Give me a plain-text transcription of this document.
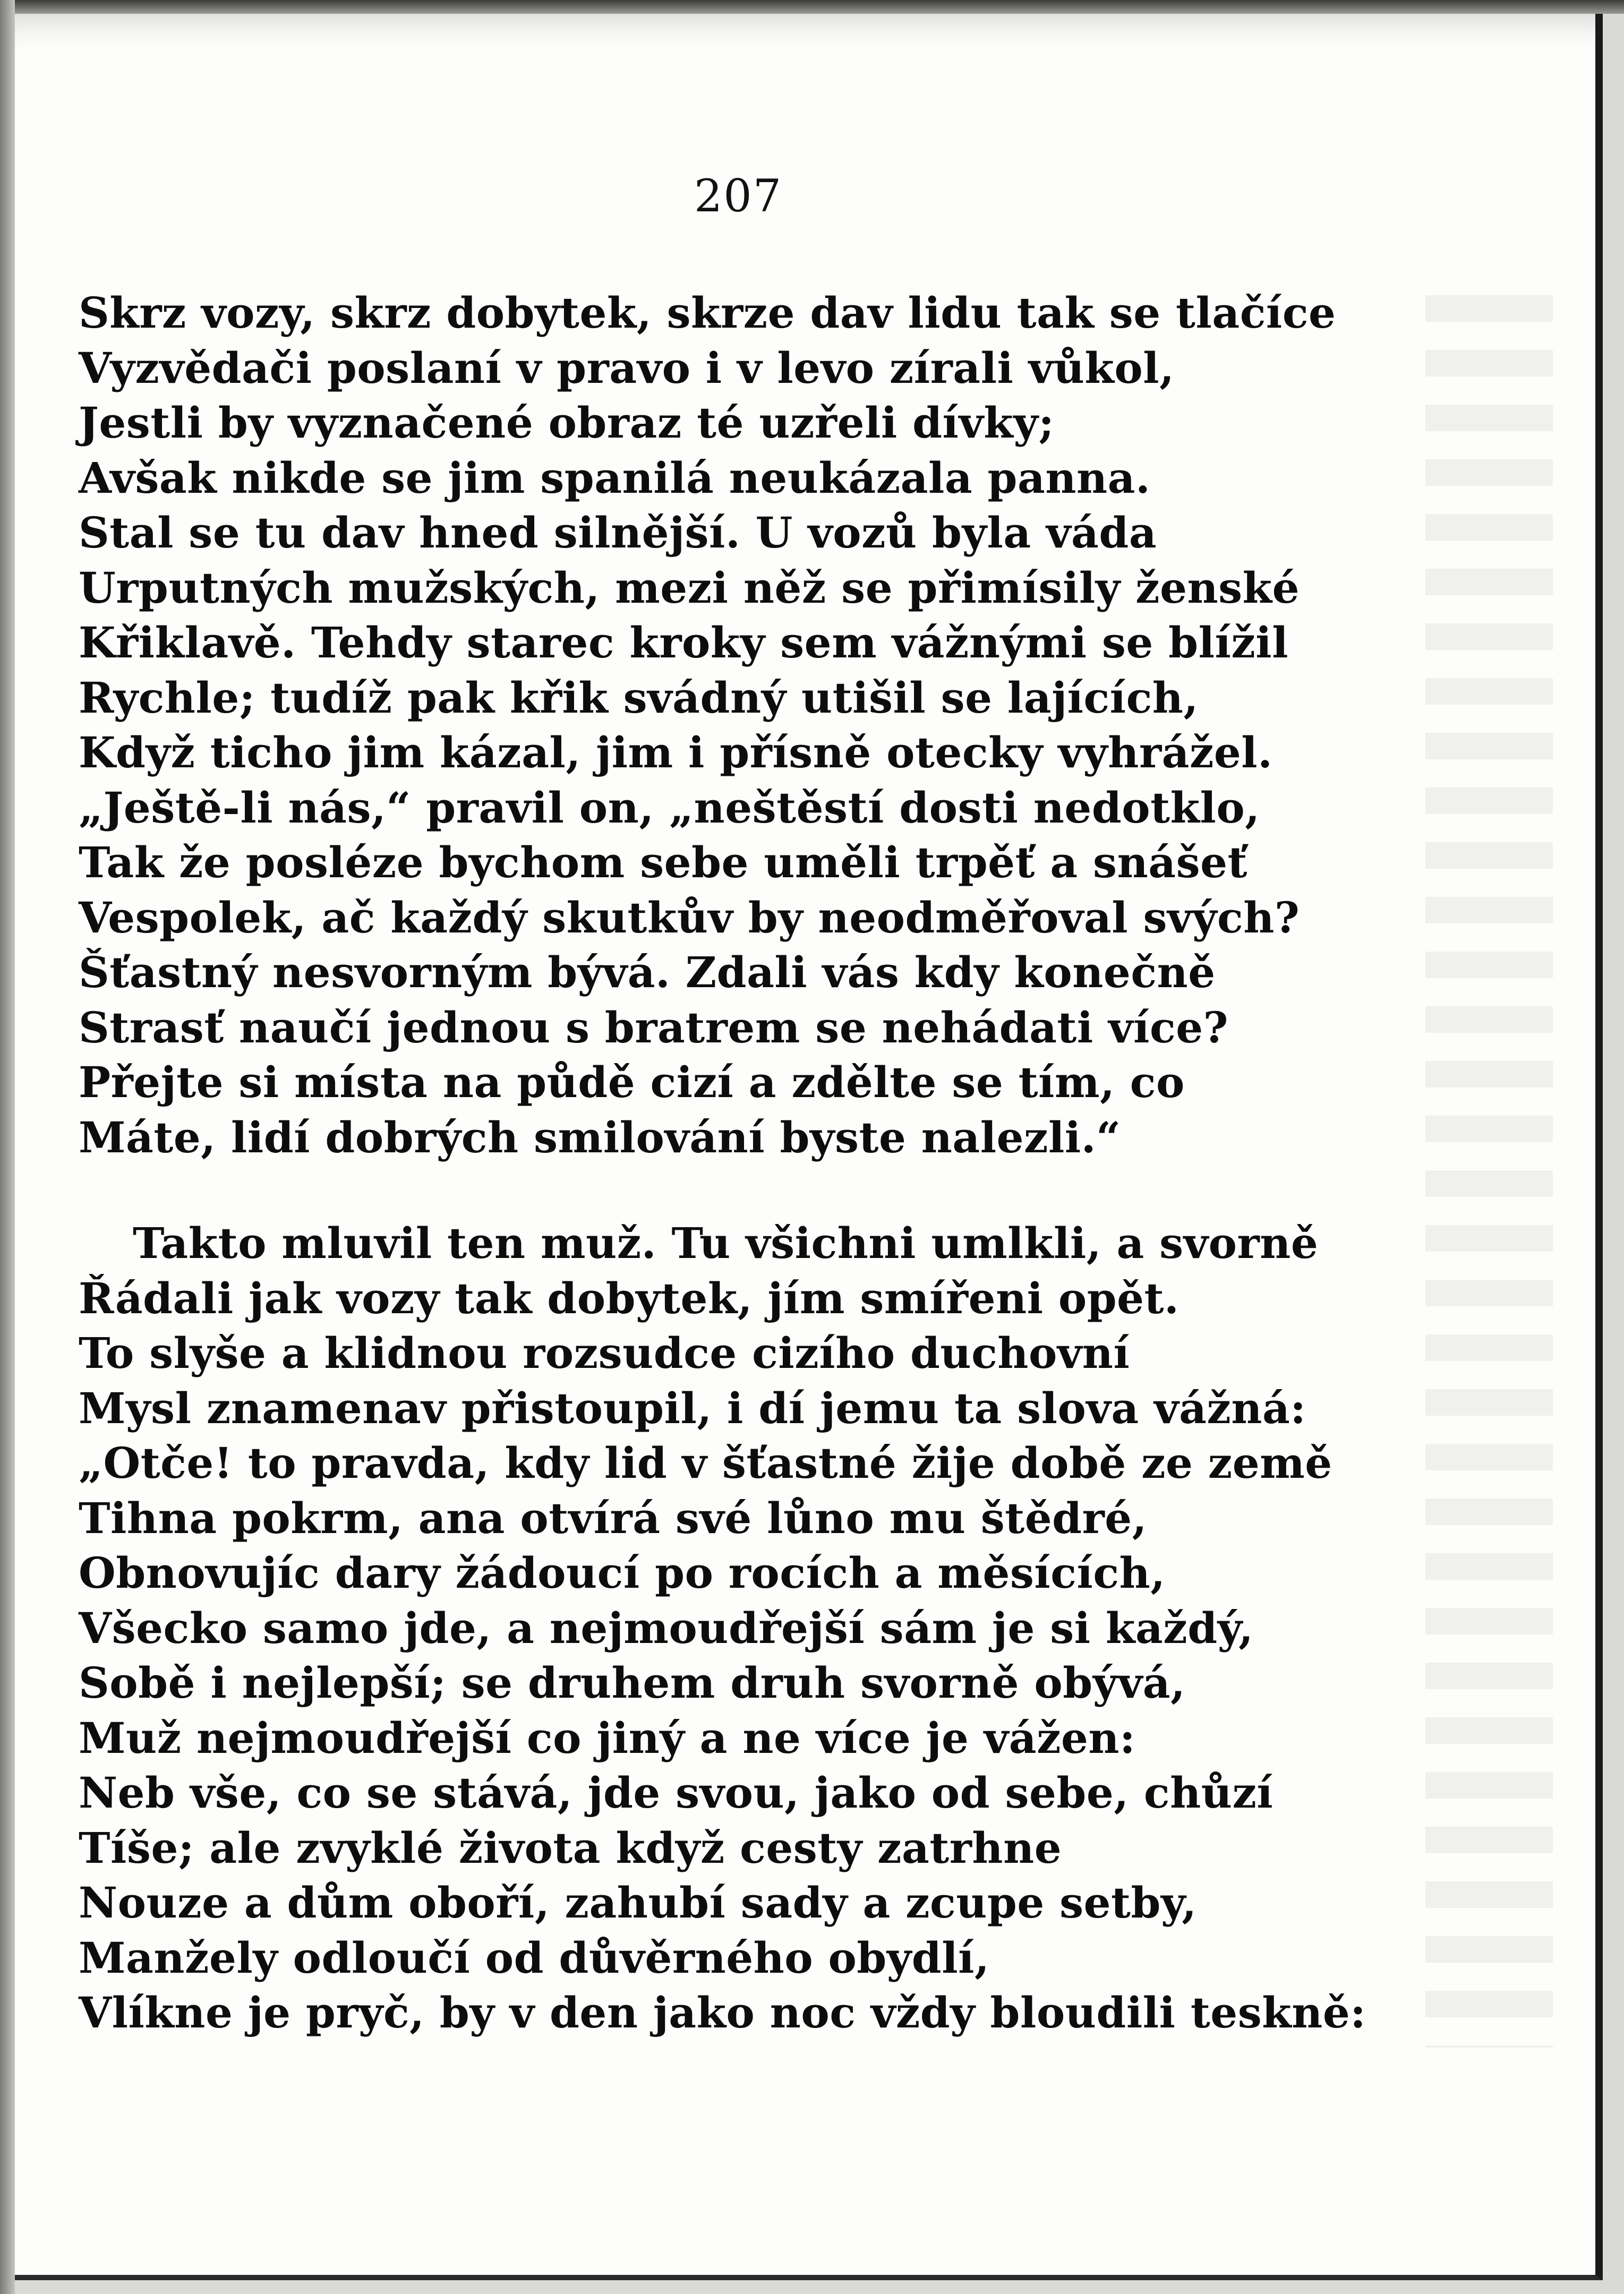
207
Skrz vozy, skrz dobytek, skrze dav lidu tak se tlačíce
Vyzvědači poslaní v pravo i v levo zírali vůkol,
Jestli by vyznačené obraz té uzřeli dívky;
Avšak nikde se jim spanilá neukázala panna.
Stal se tu dav hned silnější. U vozů byla váda
Urputných mužských, mezi něž se přimísily ženské
Křiklavě. Tehdy starec kroky sem vážnými se blížil
Rychle; tudíž pak křik svádný utišil se lajících,
Když ticho jim kázal, jim i přísně otecky vyhrážel.
„Ještě-li nás,“ pravil on, „neštěstí dosti nedotklo,
Tak že posléze bychom sebe uměli trpěť a snášeť
Vespolek, ač každý skutkův by neodměřoval svých?
Šťastný nesvorným bývá. Zdali vás kdy konečně
Strasť naučí jednou s bratrem se nehádati více?
Přejte si místa na půdě cizí a zdělte se tím, co
Máte, lidí dobrých smilování byste nalezli.“
Takto mluvil ten muž. Tu všichni umlkli, a svorně
Řádali jak vozy tak dobytek, jím smířeni opět.
To slyše a klidnou rozsudce cizího duchovní
Mysl znamenav přistoupil, i dí jemu ta slova vážná:
„Otče! to pravda, kdy lid v šťastné žije době ze země
Tihna pokrm, ana otvírá své lůno mu štědré,
Obnovujíc dary žádoucí po rocích a měsících,
Všecko samo jde, a nejmoudřejší sám je si každý,
Sobě i nejlepší; se druhem druh svorně obývá,
Muž nejmoudřejší co jiný a ne více je vážen:
Neb vše, co se stává, jde svou, jako od sebe, chůzí
Tíše; ale zvyklé života když cesty zatrhne
Nouze a dům oboří, zahubí sady a zcupe setby,
Manžely odloučí od důvěrného obydlí,
Vlíkne je pryč, by v den jako noc vždy bloudili teskně:
